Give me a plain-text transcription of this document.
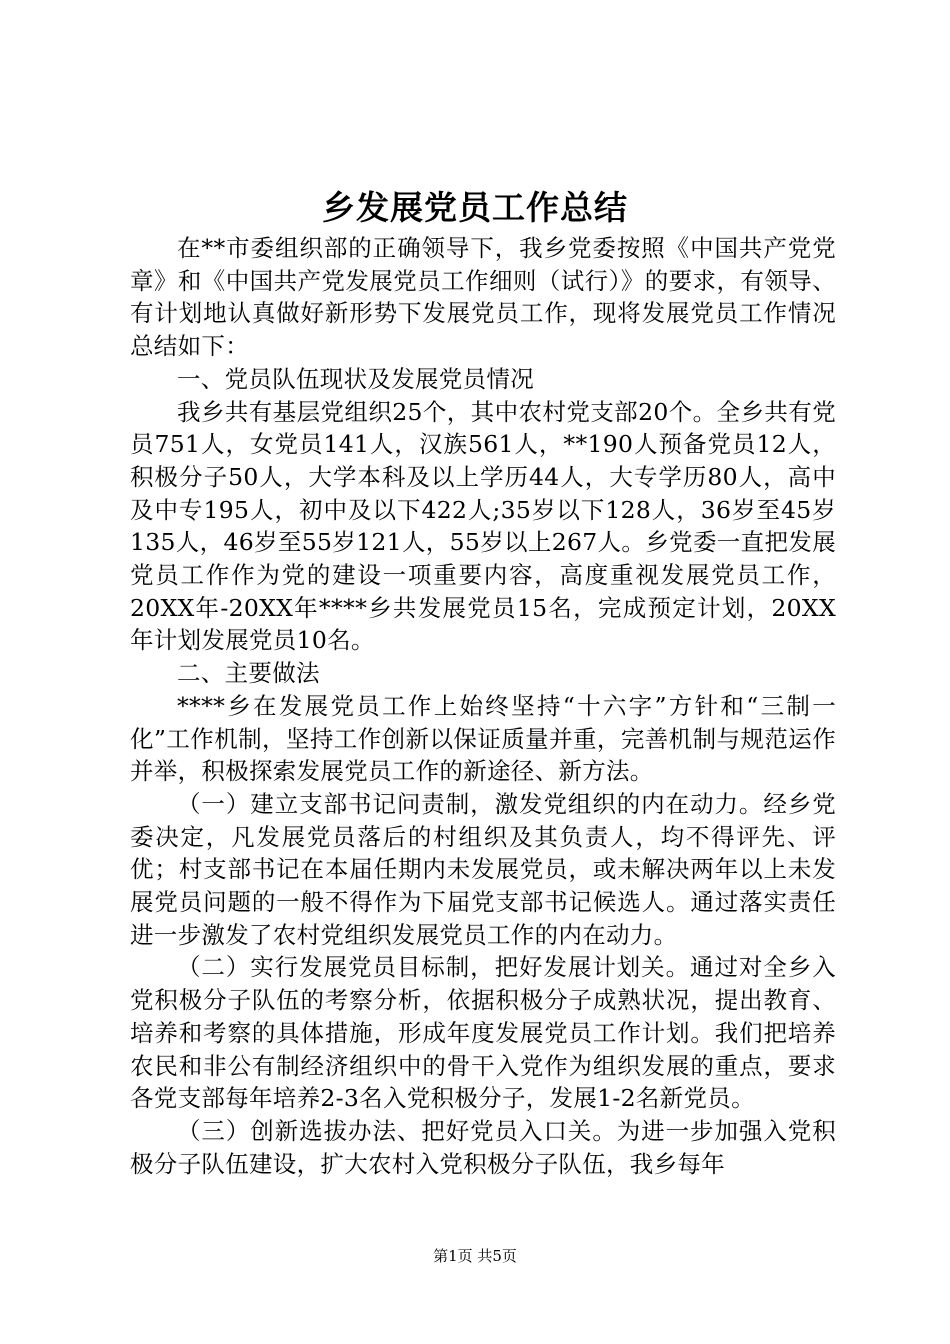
乡发展党员工作总结

在**市委组织部的正确领导下，我乡党委按照《中国共产党党章》和《中国共产党发展党员工作细则（试行）》的要求，有领导、有计划地认真做好新形势下发展党员工作，现将发展党员工作情况总结如下：

一、党员队伍现状及发展党员情况

我乡共有基层党组织25个，其中农村党支部20个。全乡共有党员751人，女党员141人，汉族561人，**190人预备党员12人，积极分子50人，大学本科及以上学历44人，大专学历80人，高中及中专195人，初中及以下422人;35岁以下128人，36岁至45岁135人，46岁至55岁121人，55岁以上267人。乡党委一直把发展党员工作作为党的建设一项重要内容，高度重视发展党员工作，20XX年-20XX年****乡共发展党员15名，完成预定计划，20XX年计划发展党员10名。

二、主要做法

****乡在发展党员工作上始终坚持“十六字”方针和“三制一化”工作机制，坚持工作创新以保证质量并重，完善机制与规范运作并举，积极探索发展党员工作的新途径、新方法。

（一）建立支部书记问责制，激发党组织的内在动力。经乡党委决定，凡发展党员落后的村组织及其负责人，均不得评先、评优；村支部书记在本届任期内未发展党员，或未解决两年以上未发展党员问题的一般不得作为下届党支部书记候选人。通过落实责任进一步激发了农村党组织发展党员工作的内在动力。

（二）实行发展党员目标制，把好发展计划关。通过对全乡入党积极分子队伍的考察分析，依据积极分子成熟状况，提出教育、培养和考察的具体措施，形成年度发展党员工作计划。我们把培养农民和非公有制经济组织中的骨干入党作为组织发展的重点，要求各党支部每年培养2-3名入党积极分子，发展1-2名新党员。

（三）创新选拔办法、把好党员入口关。为进一步加强入党积极分子队伍建设，扩大农村入党积极分子队伍，我乡每年

第1页 共5页
